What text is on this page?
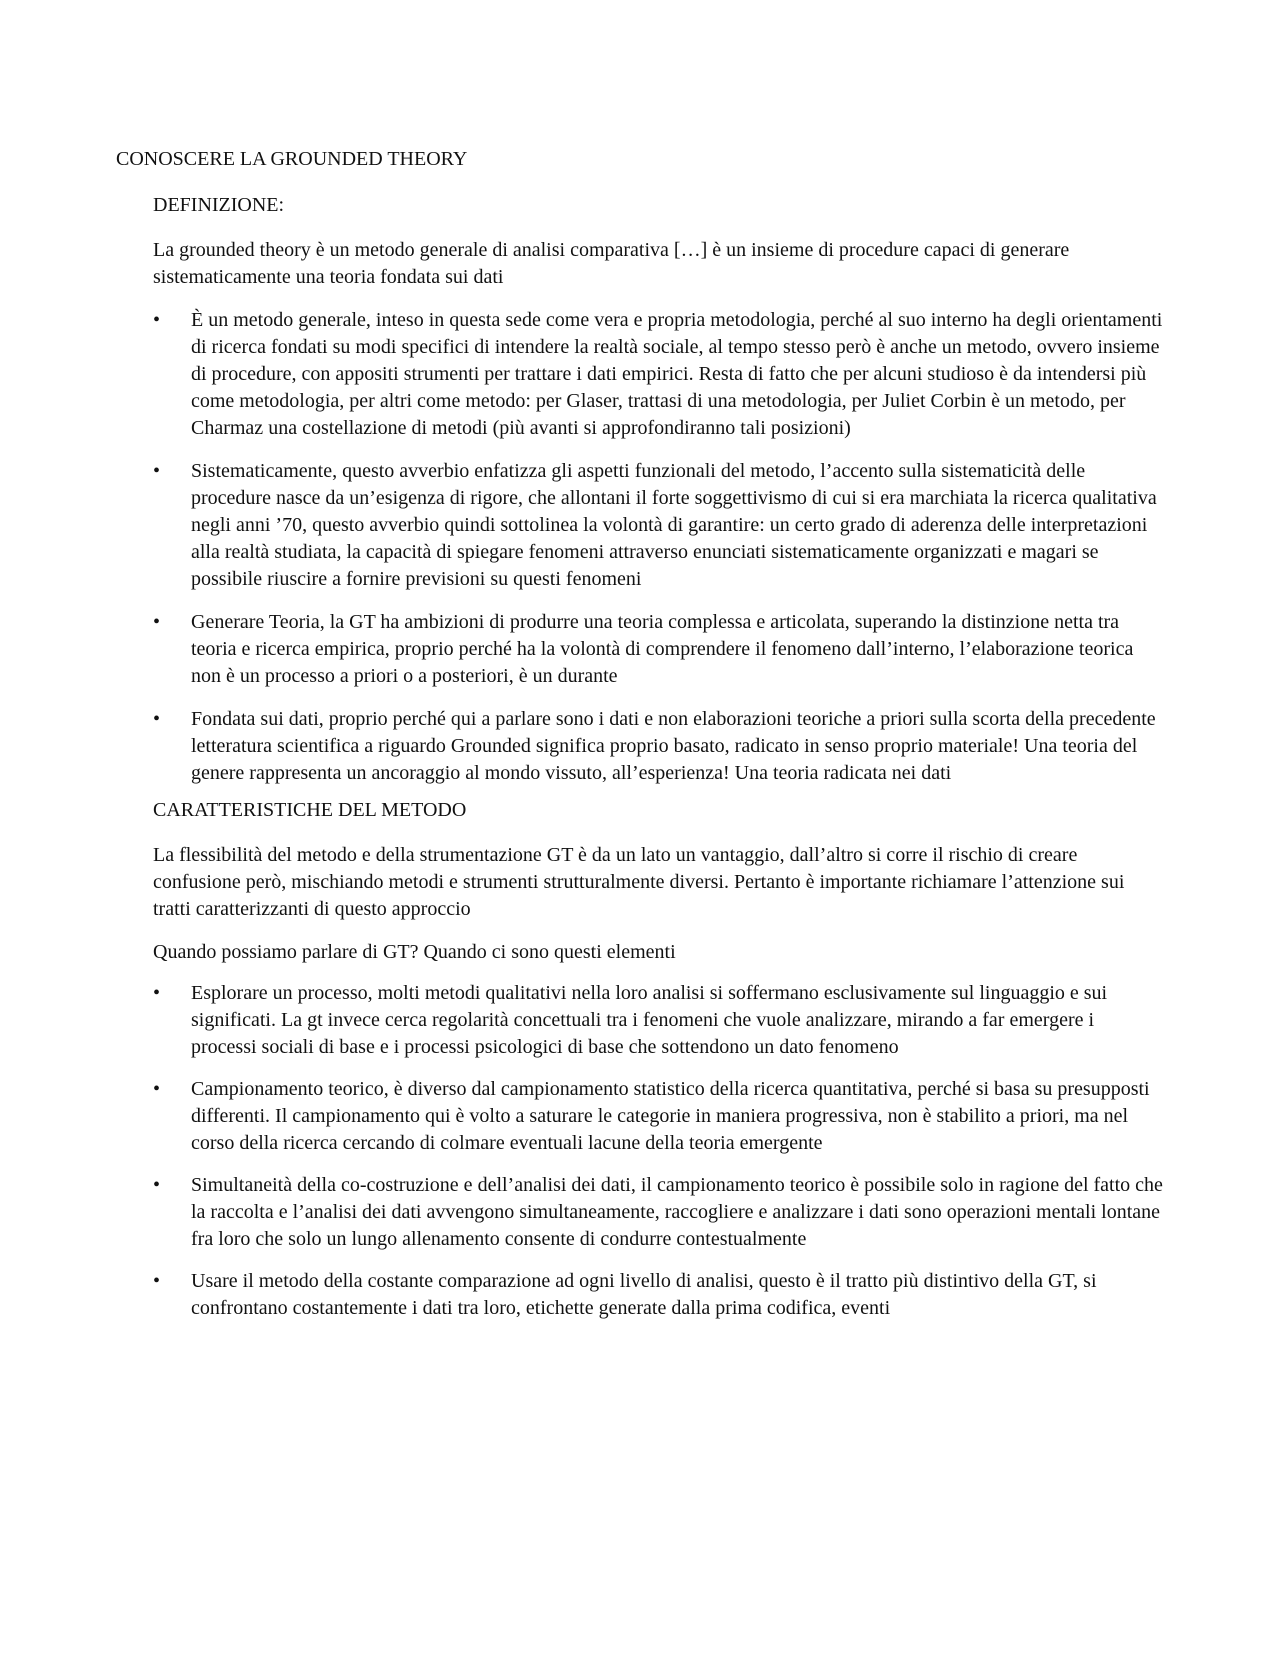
CONOSCERE LA GROUNDED THEORY
DEFINIZIONE:

La grounded theory è un metodo generale di analisi comparativa […] è un insieme di procedure capaci di generare sistematicamente una teoria fondata sui dati

•	È un metodo generale, inteso in questa sede come vera e propria metodologia, perché al suo interno ha degli orientamenti di ricerca fondati su modi specifici di intendere la realtà sociale, al tempo stesso però è anche un metodo, ovvero insieme di procedure, con appositi strumenti per trattare i dati empirici. Resta di fatto che per alcuni studioso è da intendersi più come metodologia, per altri come metodo: per Glaser, trattasi di una metodologia, per Juliet Corbin è un metodo, per Charmaz una costellazione di metodi (più avanti si approfondiranno tali posizioni)
•	Sistematicamente, questo avverbio enfatizza gli aspetti funzionali del metodo, l’accento sulla sistematicità delle procedure nasce da un’esigenza di rigore, che allontani il forte soggettivismo di cui si era marchiata la ricerca qualitativa negli anni ’70, questo avverbio quindi sottolinea la volontà di garantire: un certo grado di aderenza delle interpretazioni alla realtà studiata, la capacità di spiegare fenomeni attraverso enunciati sistematicamente organizzati e magari se possibile riuscire a fornire previsioni su questi fenomeni
•	Generare Teoria, la GT ha ambizioni di produrre una teoria complessa e articolata, superando la distinzione netta tra teoria e ricerca empirica, proprio perché ha la volontà di comprendere il fenomeno dall’interno, l’elaborazione teorica non è un processo a priori o a posteriori, è un durante
•	Fondata sui dati, proprio perché qui a parlare sono i dati e non elaborazioni teoriche a priori sulla scorta della precedente letteratura scientifica a riguardo Grounded significa proprio basato, radicato in senso proprio materiale! Una teoria del genere rappresenta un ancoraggio al mondo vissuto, all’esperienza! Una teoria radicata nei dati
CARATTERISTICHE DEL METODO

La flessibilità del metodo e della strumentazione GT è da un lato un vantaggio, dall’altro si corre il rischio di creare confusione però, mischiando metodi e strumenti strutturalmente diversi. Pertanto è importante richiamare l’attenzione sui tratti caratterizzanti di questo approccio

Quando possiamo parlare di GT? Quando ci sono questi elementi

•	Esplorare un processo, molti metodi qualitativi nella loro analisi si soffermano esclusivamente sul linguaggio e sui significati. La gt invece cerca regolarità concettuali tra i fenomeni che vuole analizzare, mirando a far emergere i processi sociali di base e i processi psicologici di base che sottendono un dato fenomeno
•	Campionamento teorico, è diverso dal campionamento statistico della ricerca quantitativa, perché si basa su presupposti differenti. Il campionamento qui è volto a saturare le categorie in maniera progressiva, non è stabilito a priori, ma nel corso della ricerca cercando di colmare eventuali lacune della teoria emergente
•	Simultaneità della co-costruzione e dell’analisi dei dati, il campionamento teorico è possibile solo in ragione del fatto che la raccolta e l’analisi dei dati avvengono simultaneamente, raccogliere e analizzare i dati sono operazioni mentali lontane fra loro che solo un lungo allenamento consente di condurre contestualmente
•	Usare il metodo della costante comparazione ad ogni livello di analisi, questo è il tratto più distintivo della GT, si confrontano costantemente i dati tra loro, etichette generate dalla prima codifica, eventi
